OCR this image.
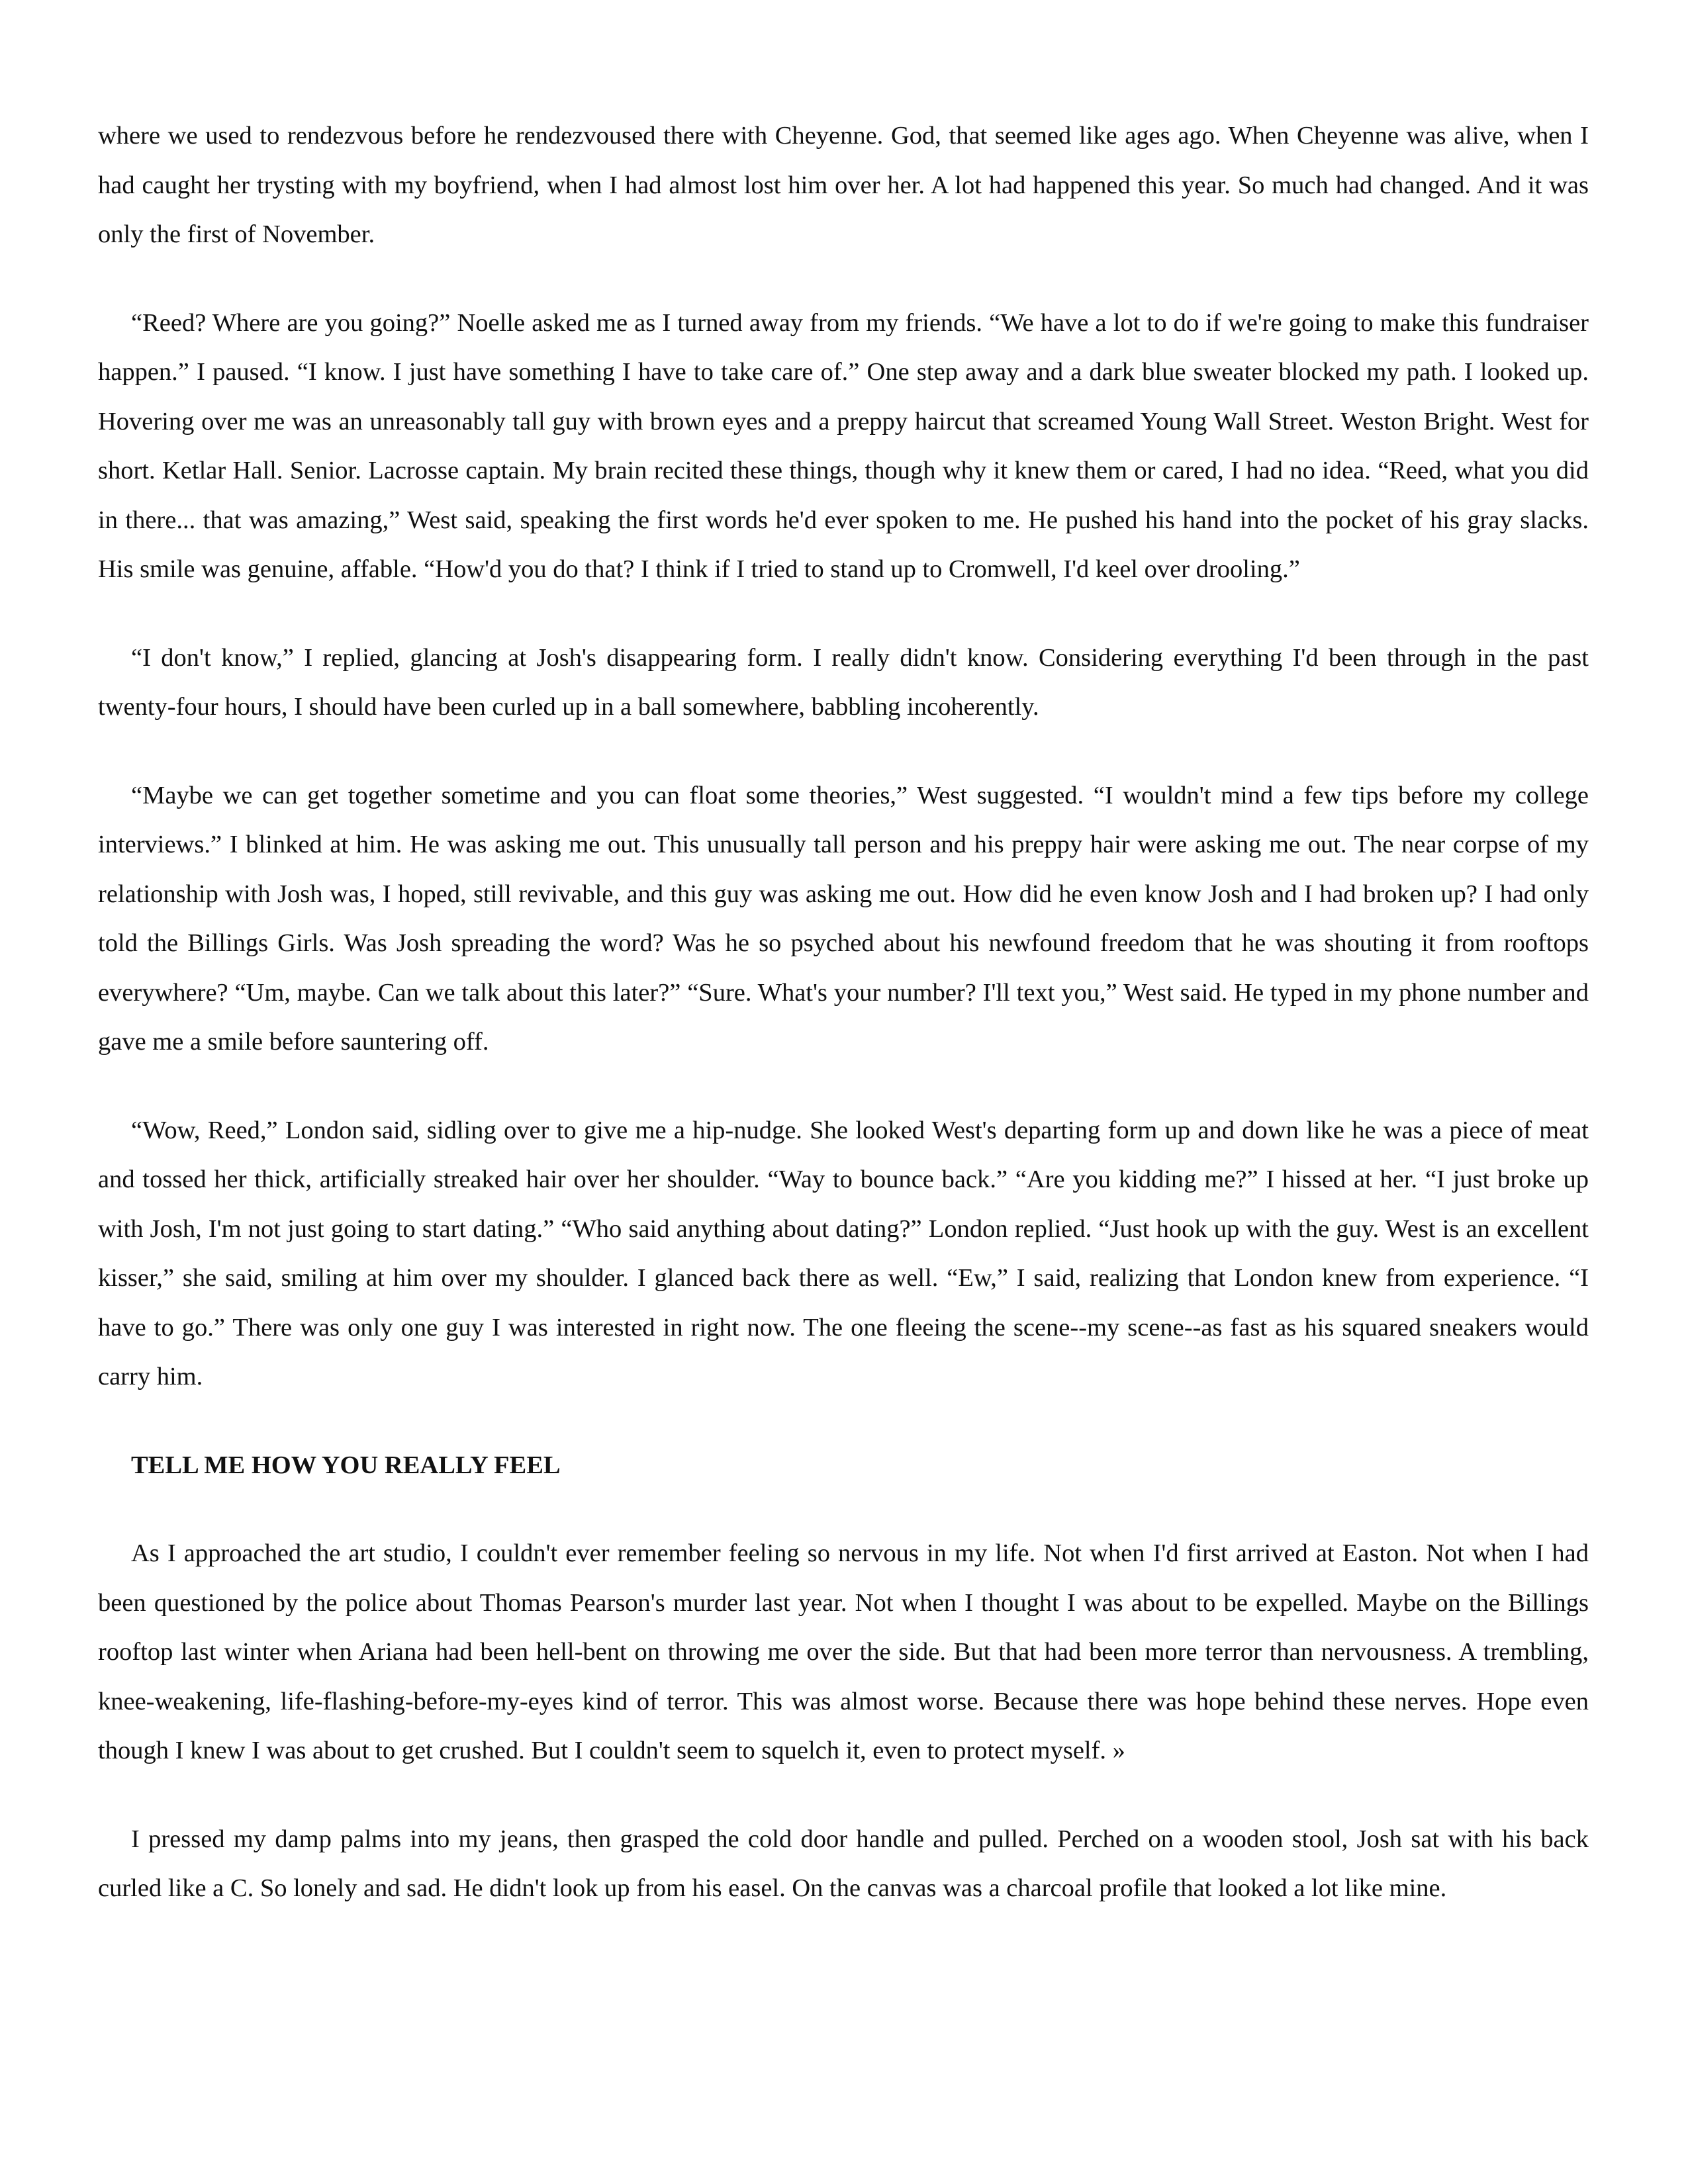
where we used to rendezvous before he rendezvoused there with Cheyenne. God, that seemed like ages ago. When Cheyenne was alive, when I had caught her trysting with my boyfriend, when I had almost lost him over her. A lot had happened this year. So much had changed. And it was only the first of November.

“Reed? Where are you going?” Noelle asked me as I turned away from my friends. “We have a lot to do if we're going to make this fundraiser happen.” I paused. “I know. I just have something I have to take care of.” One step away and a dark blue sweater blocked my path. I looked up. Hovering over me was an unreasonably tall guy with brown eyes and a preppy haircut that screamed Young Wall Street. Weston Bright. West for short. Ketlar Hall. Senior. Lacrosse captain. My brain recited these things, though why it knew them or cared, I had no idea. “Reed, what you did in there... that was amazing,” West said, speaking the first words he'd ever spoken to me. He pushed his hand into the pocket of his gray slacks. His smile was genuine, affable. “How'd you do that? I think if I tried to stand up to Cromwell, I'd keel over drooling.”

“I don't know,” I replied, glancing at Josh's disappearing form. I really didn't know. Considering everything I'd been through in the past twenty-four hours, I should have been curled up in a ball somewhere, babbling incoherently.

“Maybe we can get together sometime and you can float some theories,” West suggested. “I wouldn't mind a few tips before my college interviews.” I blinked at him. He was asking me out. This unusually tall person and his preppy hair were asking me out. The near corpse of my relationship with Josh was, I hoped, still revivable, and this guy was asking me out. How did he even know Josh and I had broken up? I had only told the Billings Girls. Was Josh spreading the word? Was he so psyched about his newfound freedom that he was shouting it from rooftops everywhere? “Um, maybe. Can we talk about this later?” “Sure. What's your number? I'll text you,” West said. He typed in my phone number and gave me a smile before sauntering off.

“Wow, Reed,” London said, sidling over to give me a hip-nudge. She looked West's departing form up and down like he was a piece of meat and tossed her thick, artificially streaked hair over her shoulder. “Way to bounce back.” “Are you kidding me?” I hissed at her. “I just broke up with Josh, I'm not just going to start dating.” “Who said anything about dating?” London replied. “Just hook up with the guy. West is an excellent kisser,” she said, smiling at him over my shoulder. I glanced back there as well. “Ew,” I said, realizing that London knew from experience. “I have to go.” There was only one guy I was interested in right now. The one fleeing the scene--my scene--as fast as his squared sneakers would carry him.

TELL ME HOW YOU REALLY FEEL

As I approached the art studio, I couldn't ever remember feeling so nervous in my life. Not when I'd first arrived at Easton. Not when I had been questioned by the police about Thomas Pearson's murder last year. Not when I thought I was about to be expelled. Maybe on the Billings rooftop last winter when Ariana had been hell-bent on throwing me over the side. But that had been more terror than nervousness. A trembling, knee-weakening, life-flashing-before-my-eyes kind of terror. This was almost worse. Because there was hope behind these nerves. Hope even though I knew I was about to get crushed. But I couldn't seem to squelch it, even to protect myself. »

I pressed my damp palms into my jeans, then grasped the cold door handle and pulled. Perched on a wooden stool, Josh sat with his back curled like a C. So lonely and sad. He didn't look up from his easel. On the canvas was a charcoal profile that looked a lot like mine.
